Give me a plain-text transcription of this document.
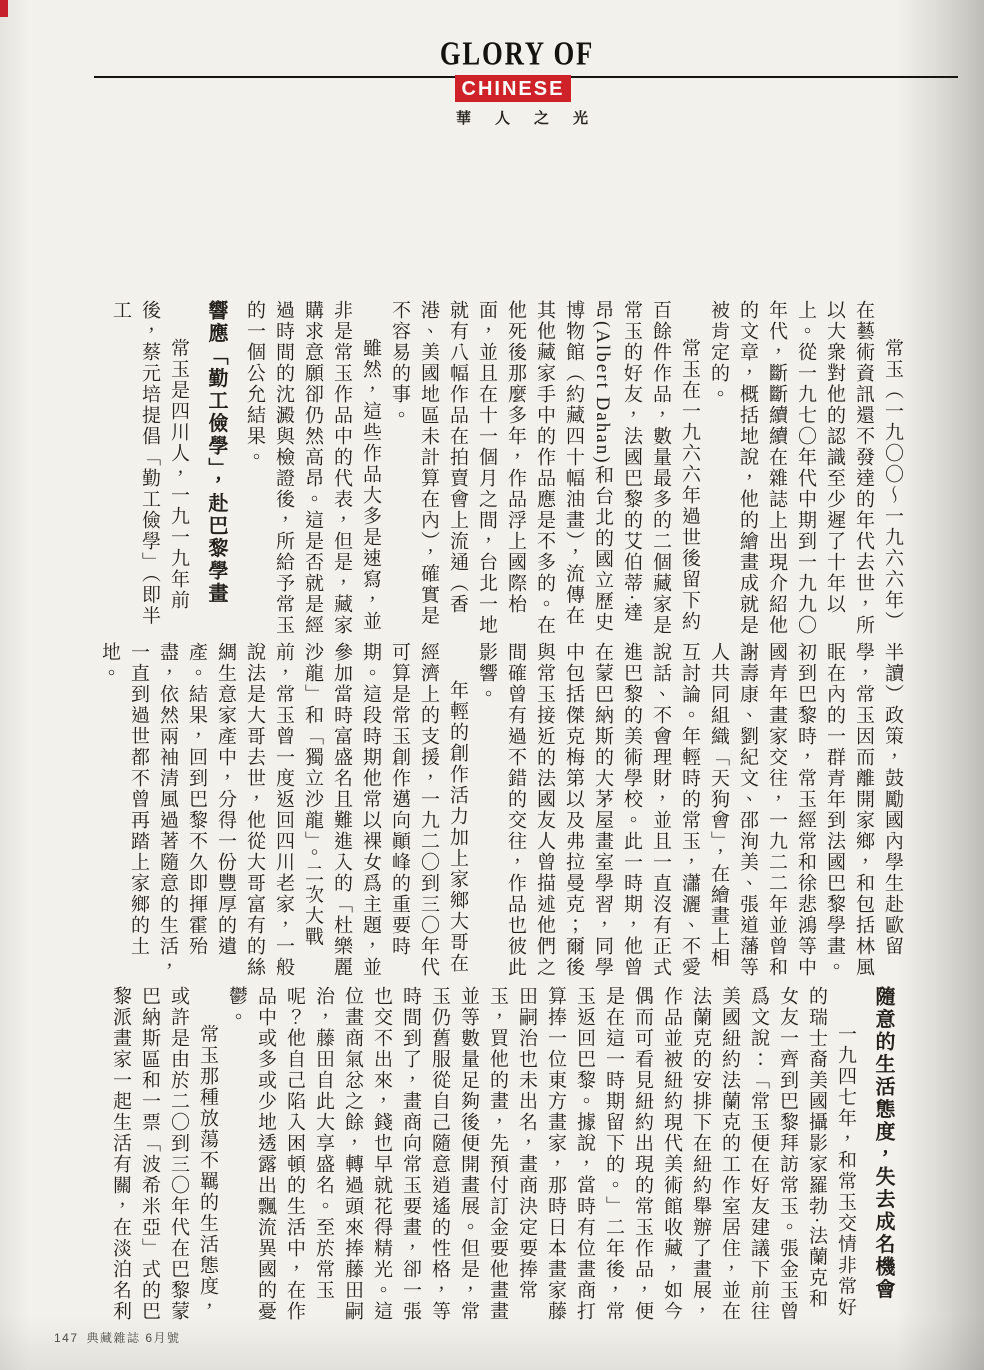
GLORY OF
CHINESE
華人之光

常玉（一九〇〇～一九六六年）在藝術資訊還不發達的年代去世，所以大衆對他的認識至少遲了十年以上。從一九七〇年代中期到一九九〇年代，斷斷續續在雜誌上出現介紹他的文章，概括地說，他的繪畫成就是被肯定的。

常玉在一九六六年過世後留下約百餘件作品，數量最多的二個藏家是常玉的好友，法國巴黎的艾伯蒂·達昂(Albert Dahan)和台北的國立歷史博物館（約藏四十幅油畫），流傳在其他藏家手中的作品應是不多的。在他死後那麼多年，作品浮上國際枱面，並且在十一個月之間，台北一地就有八幅作品在拍賣會上流通（香港、美國地區未計算在內），確實是不容易的事。

雖然，這些作品大多是速寫，並非是常玉作品中的代表，但是，藏家購求意願卻仍然高昂。這是否就是經過時間的沈澱與檢證後，所給予常玉的一個公允結果。

響應「勤工儉學」，赴巴黎學畫

常玉是四川人，一九一九年前後，蔡元培提倡「勤工儉學」（即半工

半讀）政策，鼓勵國內學生赴歐留學，常玉因而離開家鄉，和包括林風眠在內的一群青年到法國巴黎學畫。初到巴黎時，常玉經常和徐悲鴻等中國青年畫家交往，一九二二年並曾和謝壽康、劉紀文、邵洵美、張道藩等人共同組織「天狗會」，在繪畫上相互討論。年輕時的常玉，瀟灑、不愛說話、不會理財，並且一直沒有正式進巴黎的美術學校。此一時期，他曾在蒙巴納斯的大茅屋畫室學習，同學中包括傑克梅第以及弗拉曼克；爾後與常玉接近的法國友人曾描述他們之間確曾有過不錯的交往，作品也彼此影響。

年輕的創作活力加上家鄉大哥在經濟上的支援，一九二〇到三〇年代可算是常玉創作邁向顚峰的重要時期。這段時期他常以裸女爲主題，並參加當時富盛名且難進入的「杜樂麗沙龍」和「獨立沙龍」。二次大戰前，常玉曾一度返回四川老家，一般說法是大哥去世，他從大哥富有的絲綢生意家產中，分得一份豐厚的遺產。結果，回到巴黎不久即揮霍殆盡，依然兩袖清風過著隨意的生活，一直到過世都不曾再踏上家鄉的土地。

隨意的生活態度，失去成名機會

一九四七年，和常玉交情非常好的瑞士裔美國攝影家羅勃·法蘭克和女友一齊到巴黎拜訪常玉。張金玉曾爲文說：「常玉便在好友建議下前往美國紐約法蘭克的工作室居住，並在法蘭克的安排下在紐約舉辦了畫展，作品並被紐約現代美術館收藏，如今偶而可看見紐約出現的常玉作品，便是在這一時期留下的。」二年後，常玉返回巴黎。據說，當時有位畫商打算捧一位東方畫家，那時日本畫家藤田嗣治也未出名，畫商決定要捧常玉，買他的畫，先預付訂金要他畫畫並等數量足夠後便開畫展。但是，常玉仍舊服從自己隨意逍遙的性格，等時間到了，畫商向常玉要畫，卻一張也交不出來，錢也早就花得精光。這位畫商氣忿之餘，轉過頭來捧藤田嗣治，藤田自此大享盛名。至於常玉呢？他自己陷入困頓的生活中，在作品中或多或少地透露出飄流異國的憂鬱。

常玉那種放蕩不羈的生活態度，或許是由於二〇到三〇年代在巴黎蒙巴納斯區和一票「波希米亞」式的巴黎派畫家一起生活有關，在淡泊名利

147 典藏雜誌 6月號
